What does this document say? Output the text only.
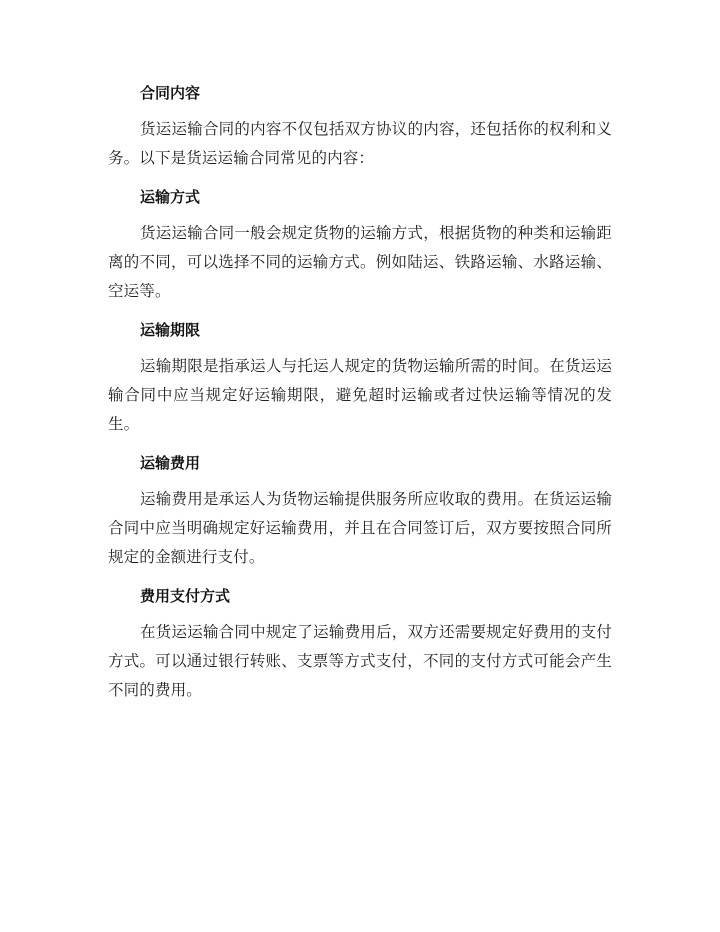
合同内容

货运运输合同的内容不仅包括双方协议的内容，还包括你的权利和义务。以下是货运运输合同常见的内容：

运输方式

货运运输合同一般会规定货物的运输方式，根据货物的种类和运输距离的不同，可以选择不同的运输方式。例如陆运、铁路运输、水路运输、空运等。

运输期限

运输期限是指承运人与托运人规定的货物运输所需的时间。在货运运输合同中应当规定好运输期限，避免超时运输或者过快运输等情况的发生。

运输费用

运输费用是承运人为货物运输提供服务所应收取的费用。在货运运输合同中应当明确规定好运输费用，并且在合同签订后，双方要按照合同所规定的金额进行支付。

费用支付方式

在货运运输合同中规定了运输费用后，双方还需要规定好费用的支付方式。可以通过银行转账、支票等方式支付，不同的支付方式可能会产生不同的费用。
